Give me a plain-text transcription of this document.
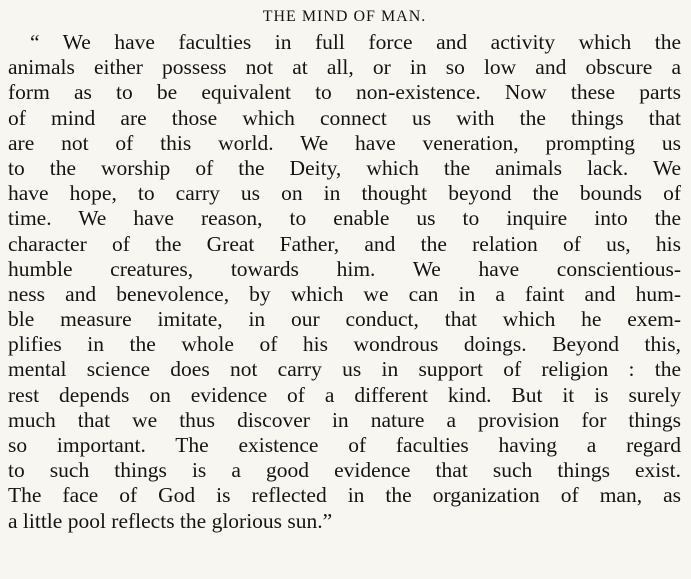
THE MIND OF MAN.
“ We have faculties in full force and activity which the
animals either possess not at all, or in so low and obscure a
form as to be equivalent to non-existence. Now these parts
of mind are those which connect us with the things that
are not of this world. We have veneration, prompting us
to the worship of the Deity, which the animals lack. We
have hope, to carry us on in thought beyond the bounds of
time. We have reason, to enable us to inquire into the
character of the Great Father, and the relation of us, his
humble creatures, towards him. We have conscientious-
ness and benevolence, by which we can in a faint and hum-
ble measure imitate, in our conduct, that which he exem-
plifies in the whole of his wondrous doings. Beyond this,
mental science does not carry us in support of religion : the
rest depends on evidence of a different kind. But it is surely
much that we thus discover in nature a provision for things
so important. The existence of faculties having a regard
to such things is a good evidence that such things exist.
The face of God is reflected in the organization of man, as
a little pool reflects the glorious sun.”
